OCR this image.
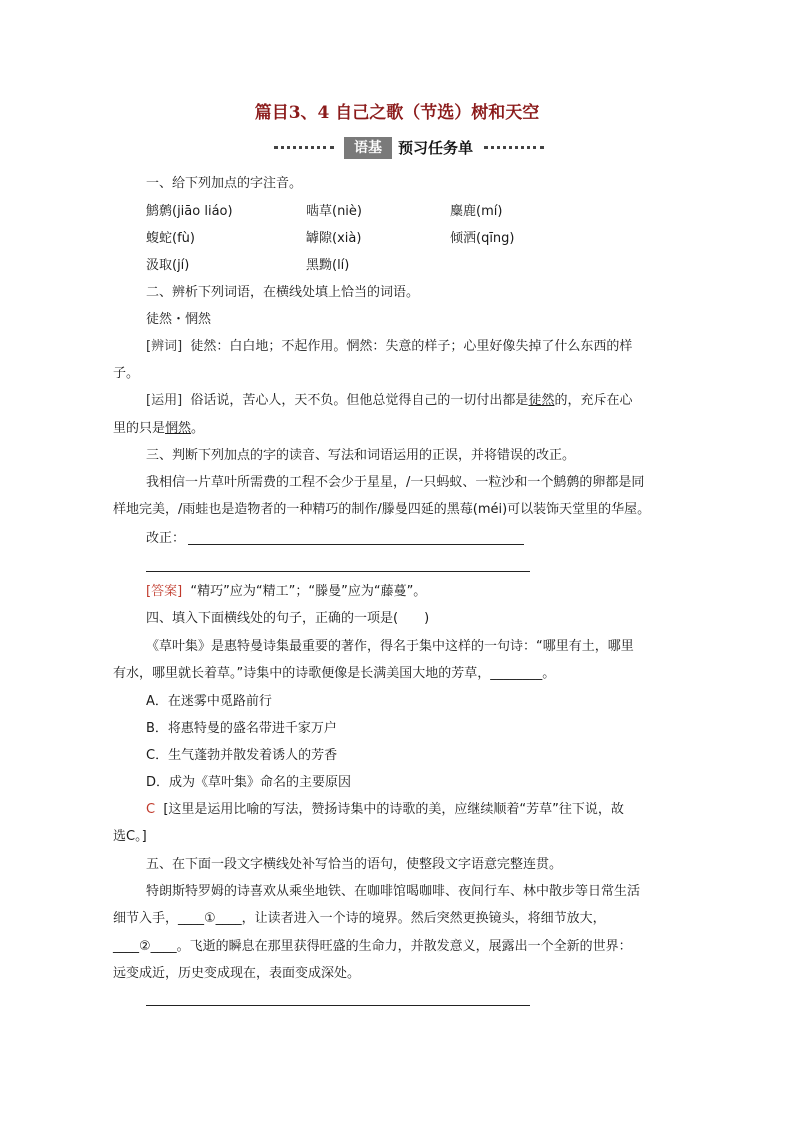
篇目3、4 自己之歌（节选）树和天空
语基	预习任务单
一、给下列加点的字注音。
鹪鹩(jiāo liáo)	啮草(niè)	麋鹿(mí)
蝮蛇(fù)	罅隙(xià)	倾洒(qīng)
汲取(jí)	黑黝(lí)
二、辨析下列词语，在横线处填上恰当的词语。
徒然・惘然
[辨词] 徒然：白白地；不起作用。惘然：失意的样子；心里好像失掉了什么东西的样
子。
[运用] 俗话说，苦心人，天不负。但他总觉得自己的一切付出都是徒然的，充斥在心
里的只是惘然。
三、判断下列加点的字的读音、写法和词语运用的正误，并将错误的改正。
我相信一片草叶所需费的工程不会少于星星，/一只蚂蚁、一粒沙和一个鹪鹩的卵都是同
样地完美，/雨蛙也是造物者的一种精巧的制作/滕曼四延的黑莓(méi)可以装饰天堂里的华屋。
改正：
[答案] “精巧”应为“精工”；“滕曼”应为“藤蔓”。
四、填入下面横线处的句子，正确的一项是(　　)
《草叶集》是惠特曼诗集最重要的著作，得名于集中这样的一句诗：“哪里有土，哪里
有水，哪里就长着草。”诗集中的诗歌便像是长满美国大地的芳草，________。
A．在迷雾中觅路前行
B．将惠特曼的盛名带进千家万户
C．生气蓬勃并散发着诱人的芳香
D．成为《草叶集》命名的主要原因
C [这里是运用比喻的写法，赞扬诗集中的诗歌的美，应继续顺着“芳草”往下说，故
选C。]
五、在下面一段文字横线处补写恰当的语句，使整段文字语意完整连贯。
特朗斯特罗姆的诗喜欢从乘坐地铁、在咖啡馆喝咖啡、夜间行车、林中散步等日常生活
细节入手，____①____，让读者进入一个诗的境界。然后突然更换镜头，将细节放大，
____②____。飞逝的瞬息在那里获得旺盛的生命力，并散发意义，展露出一个全新的世界：
远变成近，历史变成现在，表面变成深处。
